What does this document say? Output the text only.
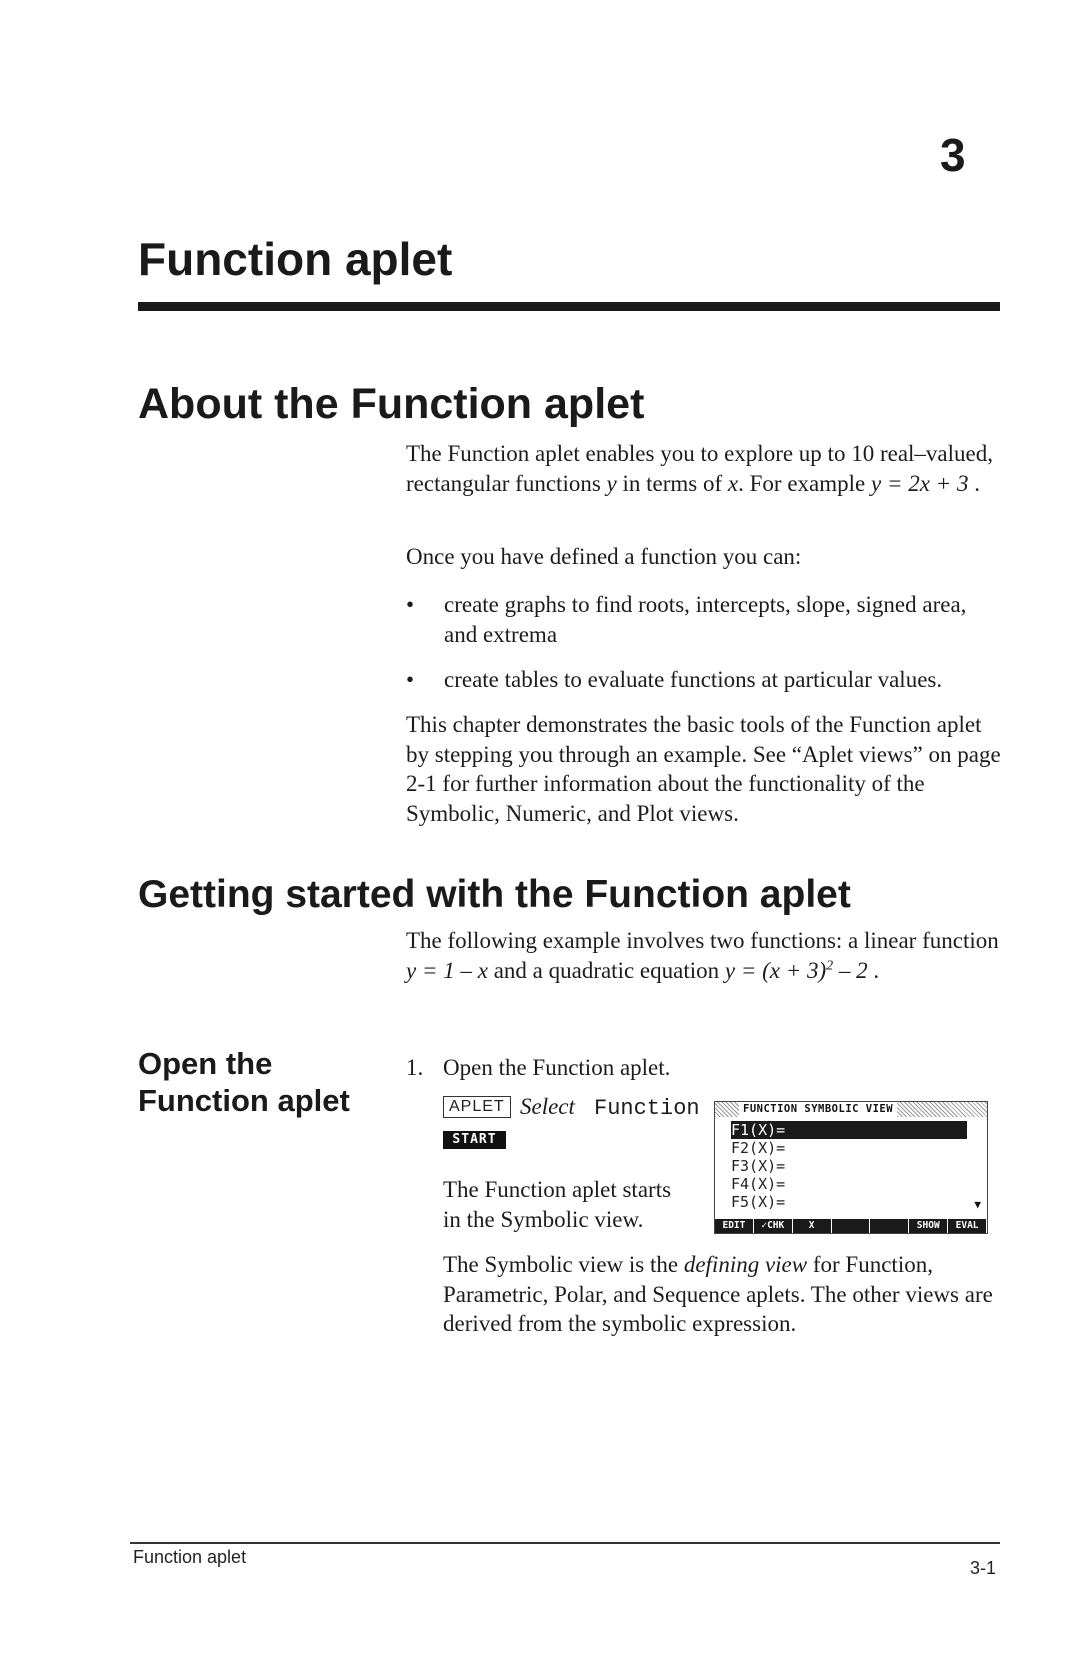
3
Function aplet
About the Function aplet
The Function aplet enables you to explore up to 10 real–valued, rectangular functions y in terms of x. For example y = 2x + 3 .
Once you have defined a function you can:
• create graphs to find roots, intercepts, slope, signed area, and extrema
• create tables to evaluate functions at particular values.
This chapter demonstrates the basic tools of the Function aplet by stepping you through an example. See “Aplet views” on page 2-1 for further information about the functionality of the Symbolic, Numeric, and Plot views.
Getting started with the Function aplet
The following example involves two functions: a linear function y = 1 – x and a quadratic equation $y = (x + 3)^2 - 2$ .
Open the
Function aplet
1. Open the Function aplet.
APLET Select Function
START
The Function aplet starts in the Symbolic view.
FUNCTION SYMBOLIC VIEW
F1(X)=
F2(X)=
F3(X)=
F4(X)=
F5(X)=	▼
EDIT	✓CHK	X	SHOW	EVAL
The Symbolic view is the defining view for Function, Parametric, Polar, and Sequence aplets. The other views are derived from the symbolic expression.
Function aplet
3-1
